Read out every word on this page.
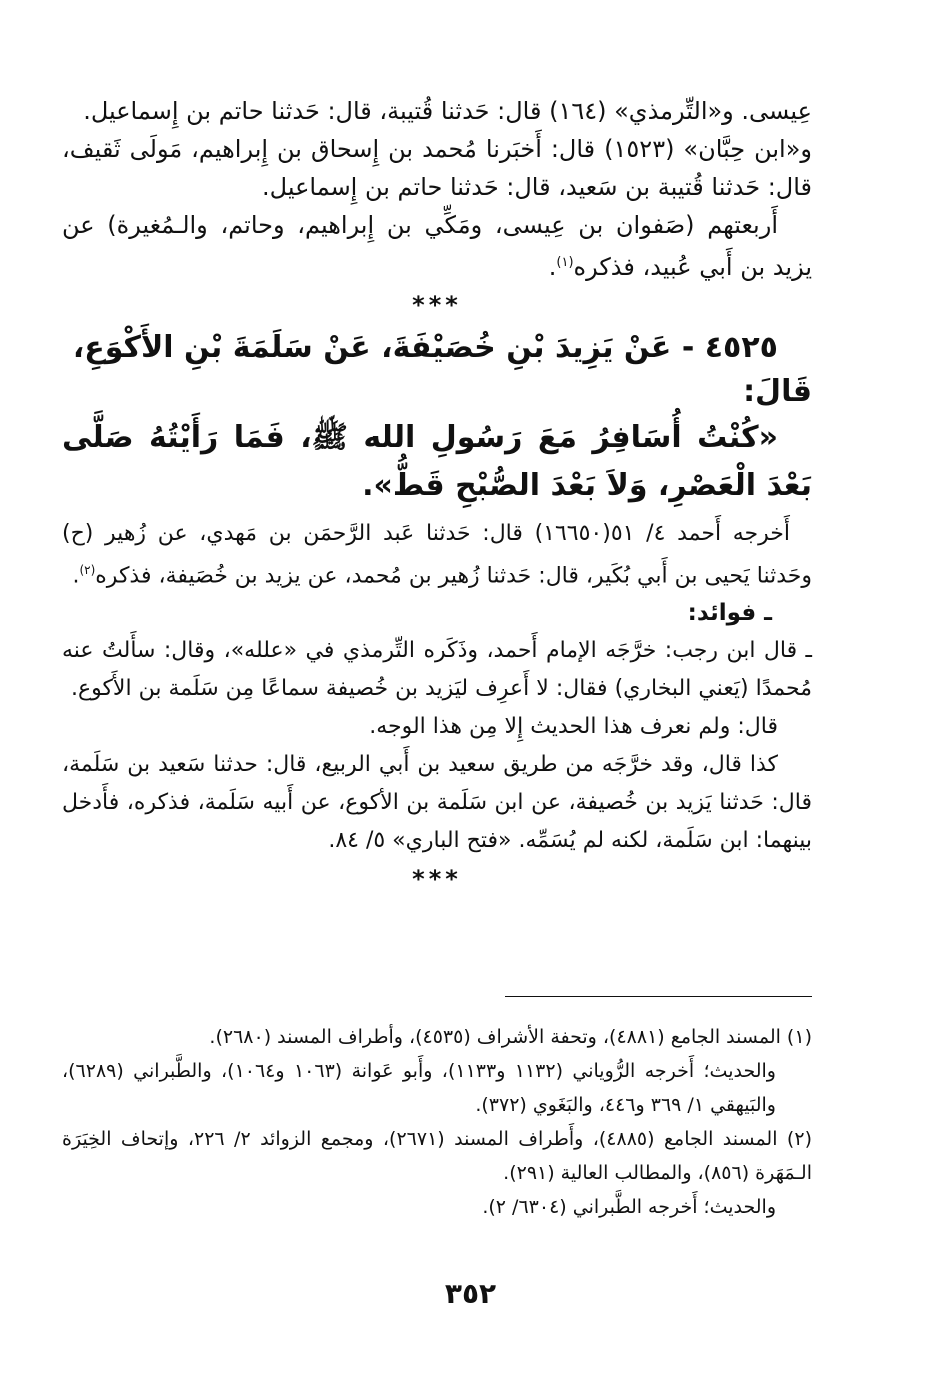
عِيسى. و«التِّرمذي» (١٦٤) قال: حَدثنا قُتيبة، قال: حَدثنا حاتم بن إِسماعيل.

و«ابن حِبَّان» (١٥٢٣) قال: أَخبَرنا مُحمد بن إِسحاق بن إِبراهيم، مَولَى ثَقيف، قال: حَدثنا قُتيبة بن سَعيد، قال: حَدثنا حاتم بن إِسماعيل.

أَربعتهم (صَفوان بن عِيسى، ومَكِّي بن إِبراهيم، وحاتم، والـمُغيرة) عن يزيد بن أَبي عُبيد، فذكره$^{(١)}$.

***

٤٥٢٥ - عَنْ يَزِيدَ بْنِ خُصَيْفَةَ، عَنْ سَلَمَةَ بْنِ الأَكْوَعِ، قَالَ:

«كُنْتُ أُسَافِرُ مَعَ رَسُولِ الله ﷺ، فَمَا رَأَيْتُهُ صَلَّى بَعْدَ الْعَصْرِ، وَلاَ بَعْدَ الصُّبْحِ قَطُّ».

أَخرجه أَحمد ٤/ ٥١(١٦٦٥٠) قال: حَدثنا عَبد الرَّحمَن بن مَهدي، عن زُهير (ح) وحَدثنا يَحيى بن أَبي بُكَير، قال: حَدثنا زُهير بن مُحمد، عن يزيد بن خُصَيفة، فذكره$^{(٢)}$.

ـ فوائد:

ـ قال ابن رجب: خرَّجَه الإمام أَحمد، وذَكَره التِّرمذي في «علله»، وقال: سأَلتُ عنه مُحمدًا (يَعني البخاري) فقال: لا أَعرِف ليَزيد بن خُصيفة سماعًا مِن سَلَمة بن الأَكوع.

قال: ولم نعرف هذا الحديث إِلا مِن هذا الوجه.

كذا قال، وقد خرَّجَه من طريق سعيد بن أَبي الربيع، قال: حدثنا سَعيد بن سَلَمة، قال: حَدثنا يَزيد بن خُصيفة، عن ابن سَلَمة بن الأكوع، عن أَبيه سَلَمة، فذكره، فأَدخل بينهما: ابن سَلَمة، لكنه لم يُسَمِّه. «فتح الباري» ٥/ ٨٤.

***

(١) المسند الجامع (٤٨٨١)، وتحفة الأشراف (٤٥٣٥)، وأطراف المسند (٢٦٨٠).

والحديث؛ أَخرجه الرُّوياني (١١٣٢ و١١٣٣)، وأَبو عَوانة (١٠٦٣ و١٠٦٤)، والطَّبراني (٦٢٨٩)، والبَيهقي ١/ ٣٦٩ و٤٤٦، والبَغَوي (٣٧٢).

(٢) المسند الجامع (٤٨٨٥)، وأَطراف المسند (٢٦٧١)، ومجمع الزوائد ٢/ ٢٢٦، وإتحاف الخِيَرَة الـمَهَرة (٨٥٦)، والمطالب العالية (٢٩١).

والحديث؛ أَخرجه الطَّبراني (٦٣٠٤/ ٢).

٣٥٢
